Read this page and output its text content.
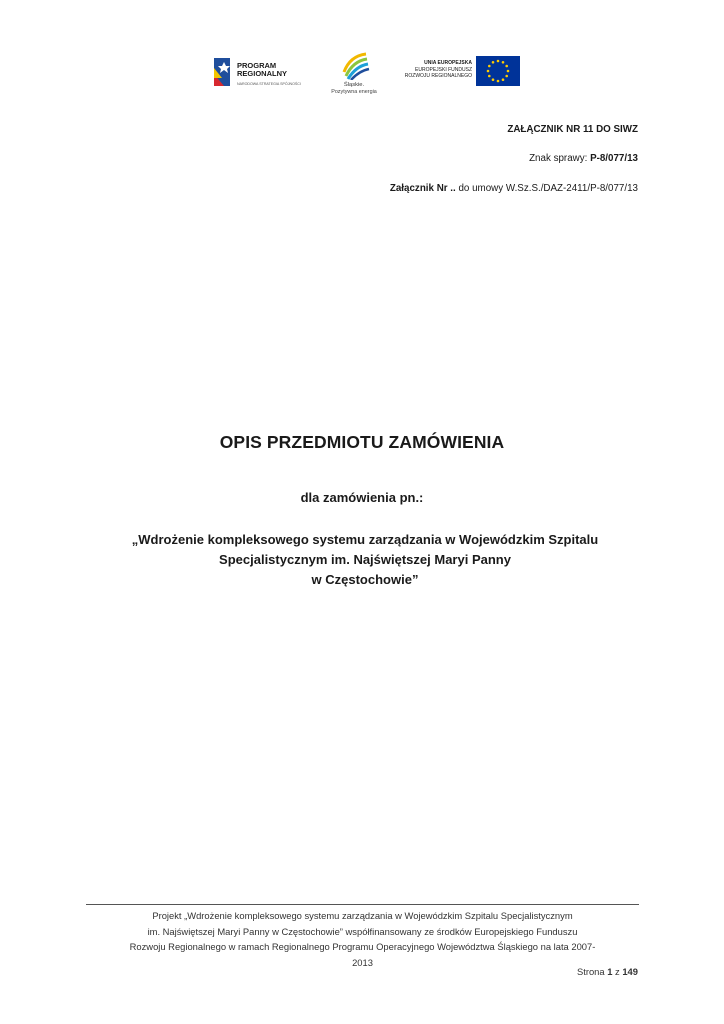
PROGRAM
REGIONALNY
NARODOWA STRATEGIA SPÓJNOŚCI	Śląskie.
Pozytywna energia
UNIA EUROPEJSKA
EUROPEJSKI FUNDUSZ
ROZWOJU REGIONALNEGO
ZAŁĄCZNIK NR 11 DO SIWZ
Znak sprawy: P-8/077/13
Załącznik Nr .. do umowy W.Sz.S./DAZ-2411/P-8/077/13
OPIS PRZEDMIOTU ZAMÓWIENIA
dla zamówienia pn.:
„Wdrożenie kompleksowego systemu zarządzania w Wojewódzkim Szpitalu
Specjalistycznym im. Najświętszej Maryi Panny
w Częstochowie”
Projekt „Wdrożenie kompleksowego systemu zarządzania w Wojewódzkim Szpitalu Specjalistycznym
im. Najświętszej Maryi Panny w Częstochowie” współfinansowany ze środków Europejskiego Funduszu
Rozwoju Regionalnego w ramach Regionalnego Programu Operacyjnego Województwa Śląskiego na lata 2007-
2013
Strona 1 z 149
